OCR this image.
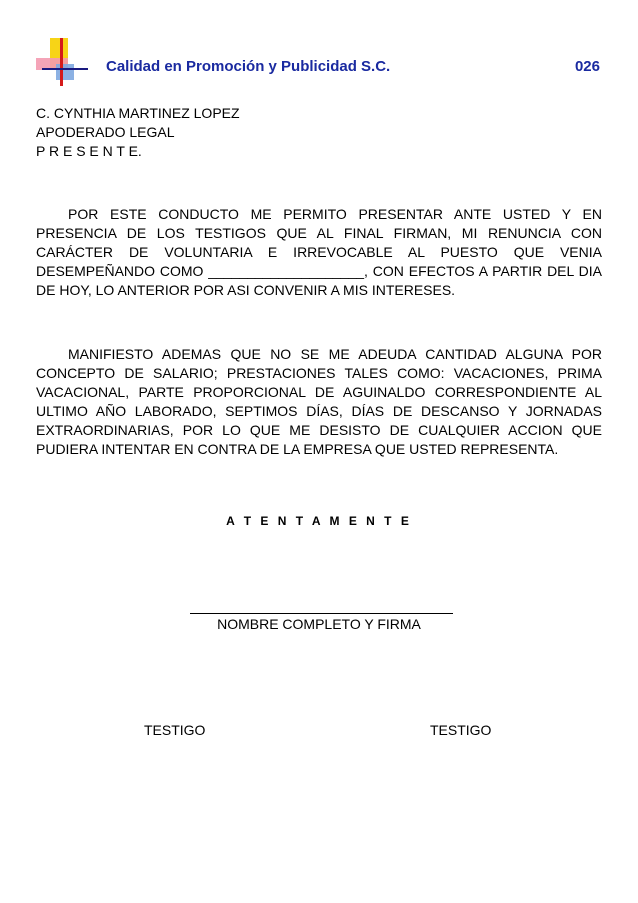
Calidad en Promoción y Publicidad S.C.	026
C. CYNTHIA MARTINEZ LOPEZ
APODERADO LEGAL
P R E S E N T E.
POR ESTE CONDUCTO ME PERMITO PRESENTAR ANTE USTED Y EN PRESENCIA DE LOS TESTIGOS QUE AL FINAL FIRMAN, MI RENUNCIA CON CARÁCTER DE VOLUNTARIA E IRREVOCABLE AL PUESTO QUE VENIA DESEMPEÑANDO COMO ____________________, CON EFECTOS A PARTIR DEL DIA DE HOY, LO ANTERIOR POR ASI CONVENIR A MIS INTERESES.
MANIFIESTO ADEMAS QUE NO SE ME ADEUDA CANTIDAD ALGUNA POR CONCEPTO DE SALARIO; PRESTACIONES TALES COMO: VACACIONES, PRIMA VACACIONAL, PARTE PROPORCIONAL DE AGUINALDO CORRESPONDIENTE AL ULTIMO AÑO LABORADO, SEPTIMOS DÍAS, DÍAS DE DESCANSO Y JORNADAS EXTRAORDINARIAS, POR LO QUE ME DESISTO DE CUALQUIER ACCION QUE PUDIERA INTENTAR EN CONTRA DE LA EMPRESA QUE USTED REPRESENTA.
A T E N T A M E N T E
NOMBRE COMPLETO Y FIRMA
TESTIGO	TESTIGO
